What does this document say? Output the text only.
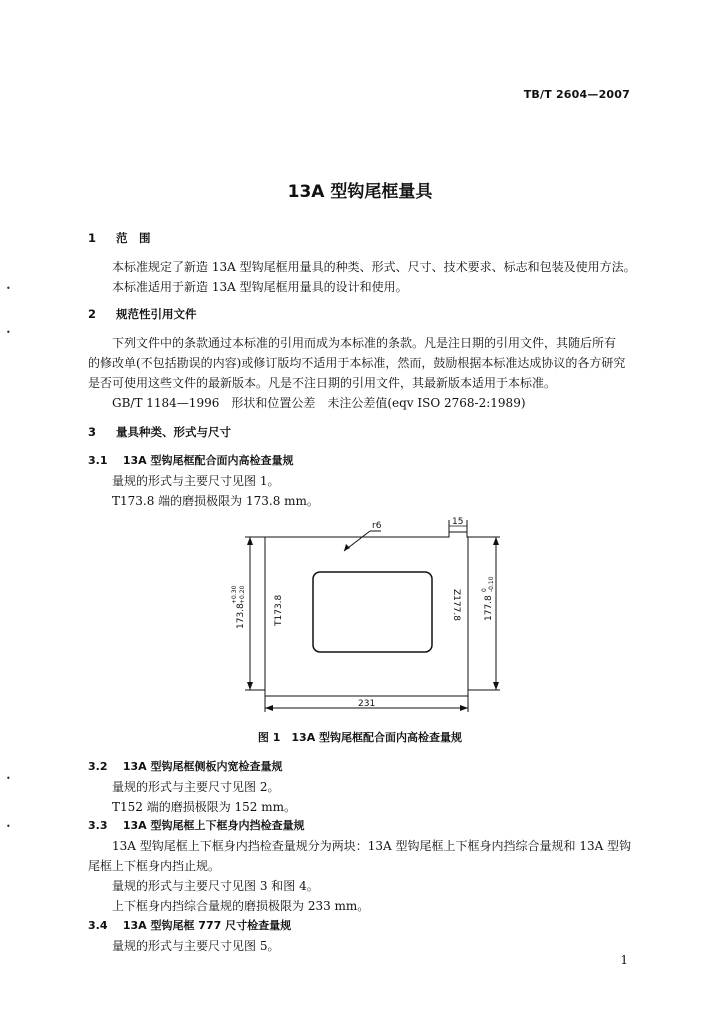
TB/T 2604—2007
13A 型钩尾框量具
1 范　围
本标准规定了新造 13A 型钩尾框用量具的种类、形式、尺寸、技术要求、标志和包装及使用方法。
本标准适用于新造 13A 型钩尾框用量具的设计和使用。
2 规范性引用文件
下列文件中的条款通过本标准的引用而成为本标准的条款。凡是注日期的引用文件，其随后所有
的修改单(不包括勘误的内容)或修订版均不适用于本标准，然而，鼓励根据本标准达成协议的各方研究
是否可使用这些文件的最新版本。凡是不注日期的引用文件，其最新版本适用于本标准。
GB/T 1184—1996　形状和位置公差　未注公差值(eqv ISO 2768-2:1989)
3 量具种类、形式与尺寸
3.1 13A 型钩尾框配合面内高检查量规
量规的形式与主要尺寸见图 1。
T173.8 端的磨损极限为 173.8 mm。
r6	15
231
T173.8	Z177.8
173.8
+0.30 +0.20
177.8
0 -0.10
图 1　13A 型钩尾框配合面内高检查量规
3.2 13A 型钩尾框侧板内宽检查量规
量规的形式与主要尺寸见图 2。
T152 端的磨损极限为 152 mm。
3.3 13A 型钩尾框上下框身内挡检查量规
13A 型钩尾框上下框身内挡检查量规分为两块：13A 型钩尾框上下框身内挡综合量规和 13A 型钩
尾框上下框身内挡止规。
量规的形式与主要尺寸见图 3 和图 4。
上下框身内挡综合量规的磨损极限为 233 mm。
3.4 13A 型钩尾框 777 尺寸检查量规
量规的形式与主要尺寸见图 5。
1
•
•
•
•
